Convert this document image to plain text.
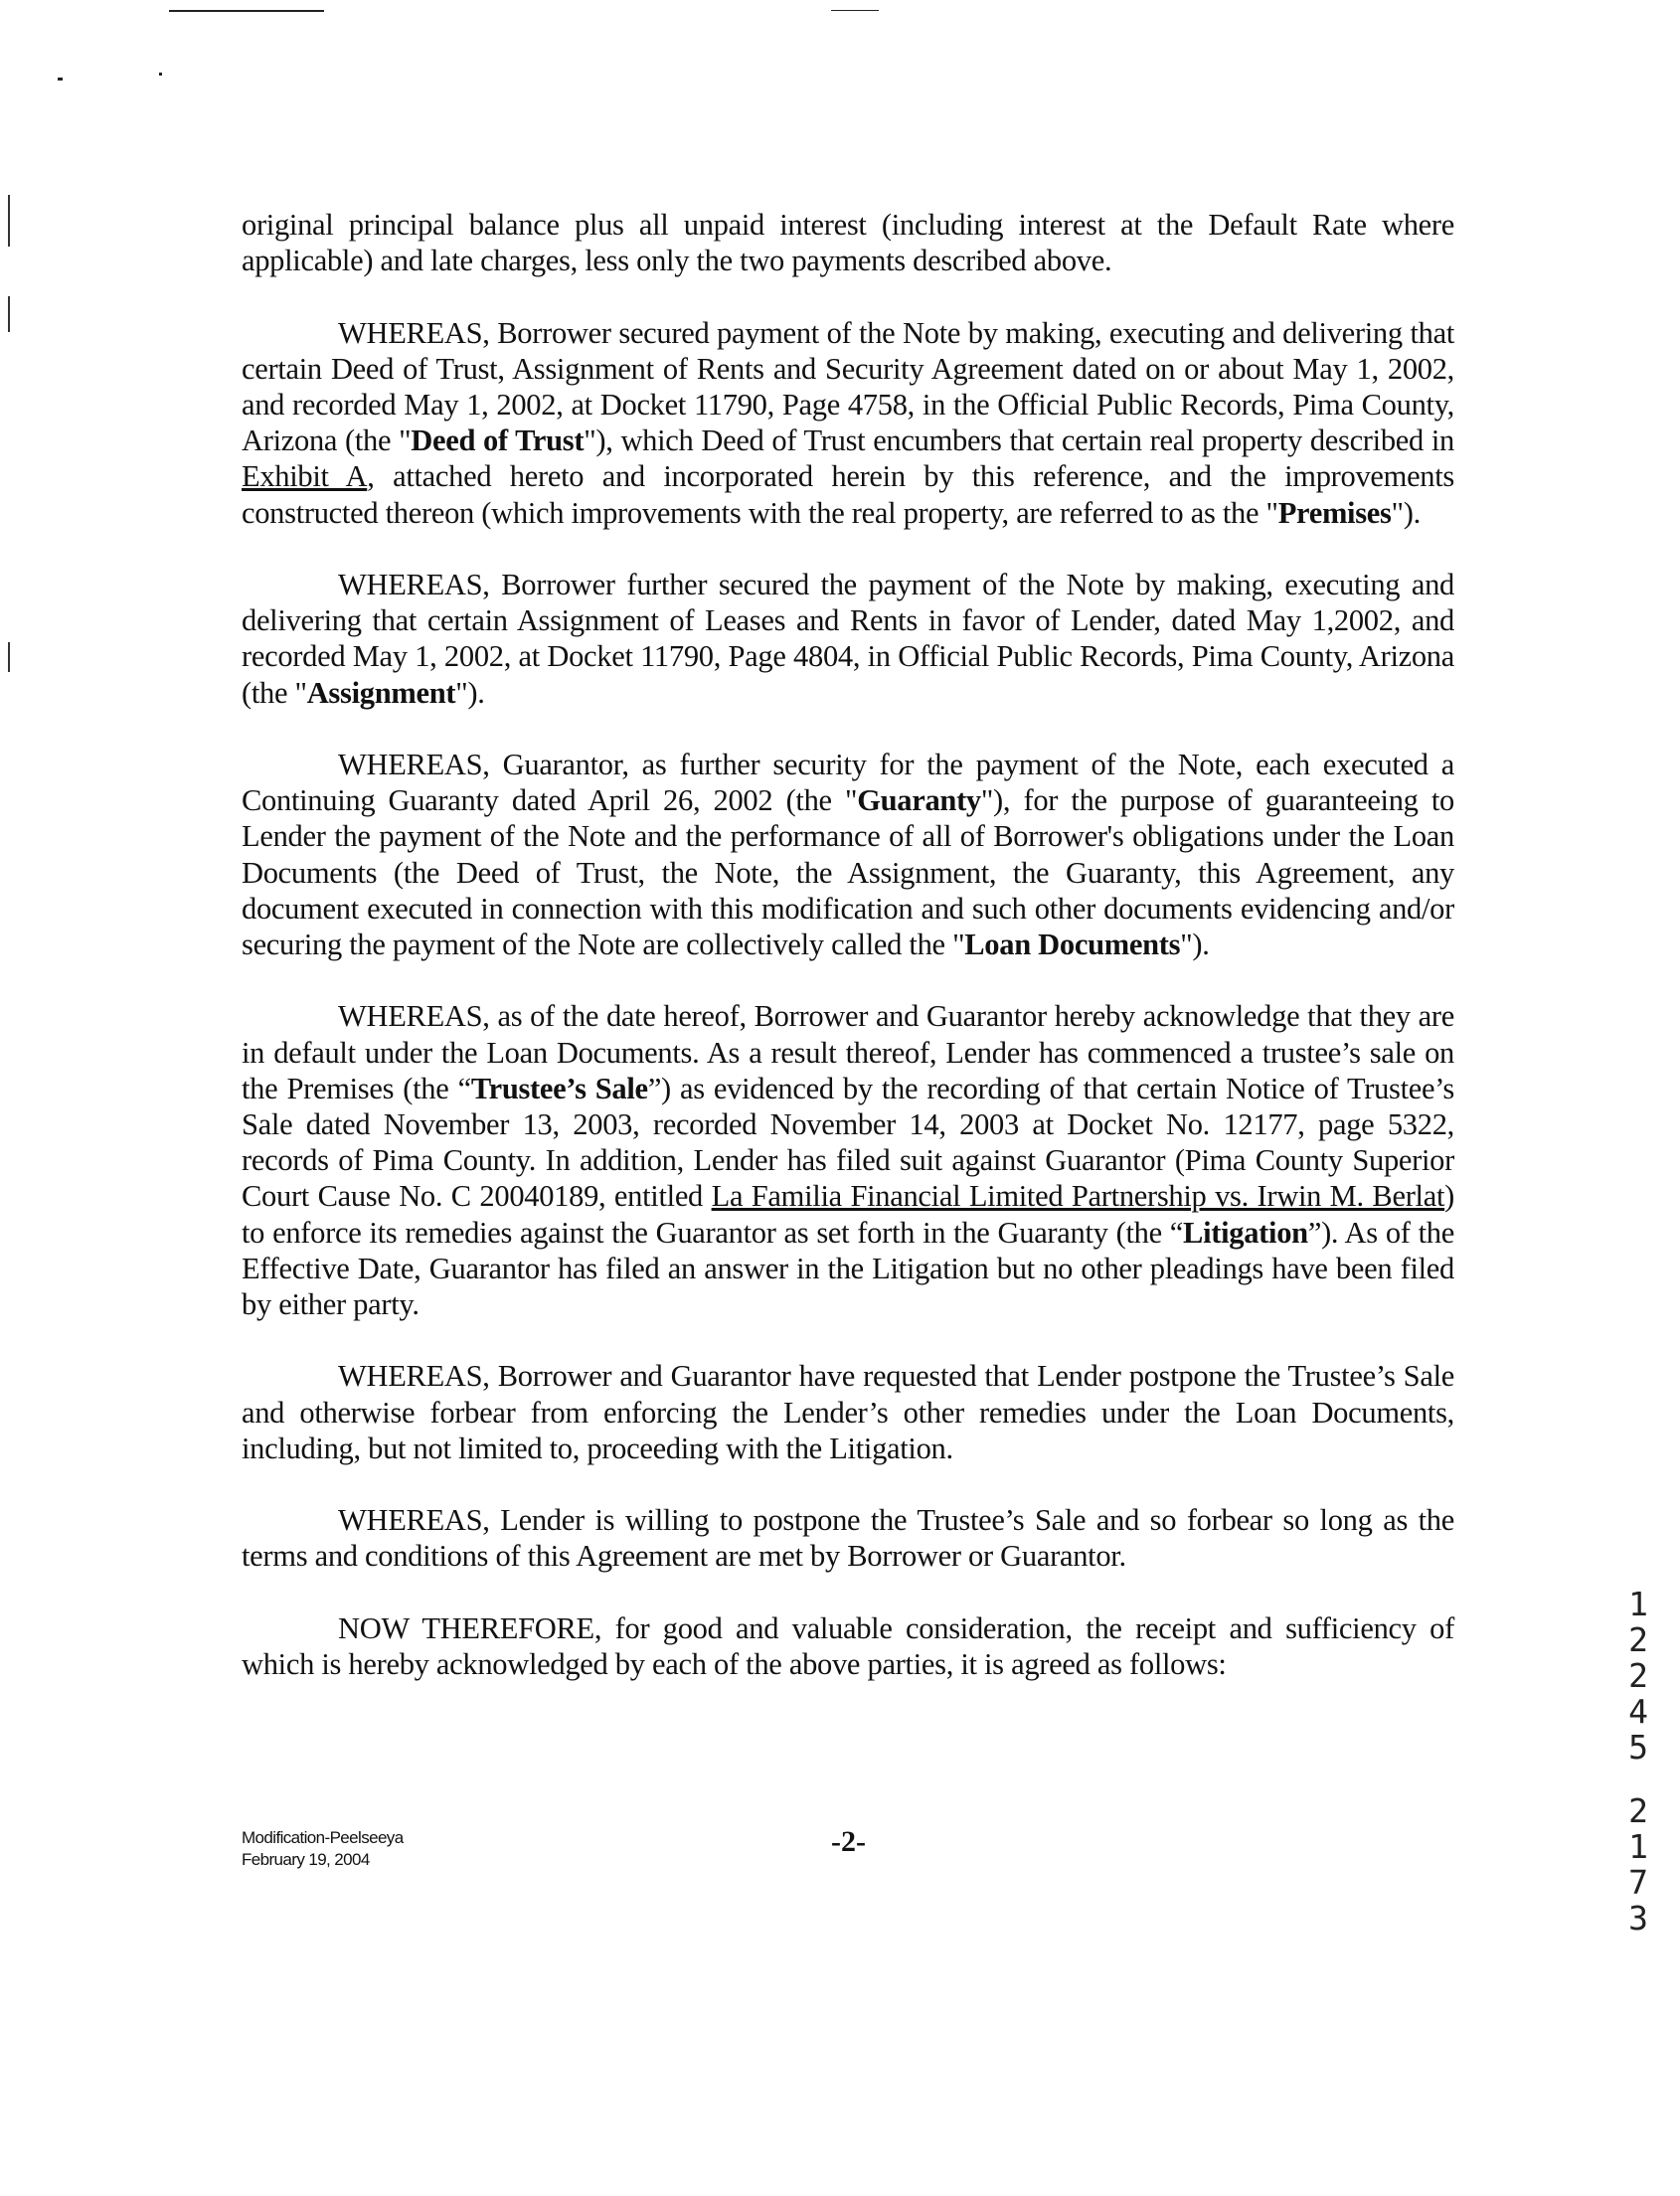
original principal balance plus all unpaid interest (including interest at the Default Rate where applicable) and late charges, less only the two payments described above.

WHEREAS, Borrower secured payment of the Note by making, executing and delivering that certain Deed of Trust, Assignment of Rents and Security Agreement dated on or about May 1, 2002, and recorded May 1, 2002, at Docket 11790, Page 4758, in the Official Public Records, Pima County, Arizona (the "Deed of Trust"), which Deed of Trust encumbers that certain real property described in Exhibit A, attached hereto and incorporated herein by this reference, and the improvements constructed thereon (which improvements with the real property, are referred to as the "Premises").

WHEREAS, Borrower further secured the payment of the Note by making, executing and delivering that certain Assignment of Leases and Rents in favor of Lender, dated May 1,2002, and recorded May 1, 2002, at Docket 11790, Page 4804, in Official Public Records, Pima County, Arizona (the "Assignment").

WHEREAS, Guarantor, as further security for the payment of the Note, each executed a Continuing Guaranty dated April 26, 2002 (the "Guaranty"), for the purpose of guaranteeing to Lender the payment of the Note and the performance of all of Borrower's obligations under the Loan Documents (the Deed of Trust, the Note, the Assignment, the Guaranty, this Agreement, any document executed in connection with this modification and such other documents evidencing and/or securing the payment of the Note are collectively called the "Loan Documents").

WHEREAS, as of the date hereof, Borrower and Guarantor hereby acknowledge that they are in default under the Loan Documents. As a result thereof, Lender has commenced a trustee’s sale on the Premises (the “Trustee’s Sale”) as evidenced by the recording of that certain Notice of Trustee’s Sale dated November 13, 2003, recorded November 14, 2003 at Docket No. 12177, page 5322, records of Pima County. In addition, Lender has filed suit against Guarantor (Pima County Superior Court Cause No. C 20040189, entitled La Familia Financial Limited Partnership vs. Irwin M. Berlat) to enforce its remedies against the Guarantor as set forth in the Guaranty (the “Litigation”). As of the Effective Date, Guarantor has filed an answer in the Litigation but no other pleadings have been filed by either party.

WHEREAS, Borrower and Guarantor have requested that Lender postpone the Trustee’s Sale and otherwise forbear from enforcing the Lender’s other remedies under the Loan Documents, including, but not limited to, proceeding with the Litigation.

WHEREAS, Lender is willing to postpone the Trustee’s Sale and so forbear so long as the terms and conditions of this Agreement are met by Borrower or Guarantor.

NOW THEREFORE, for good and valuable consideration, the receipt and sufficiency of which is hereby acknowledged by each of the above parties, it is agreed as follows:

Modification-Peelseeya
February 19, 2004
-2-
1
2
2
4
5
2
1
7
3
